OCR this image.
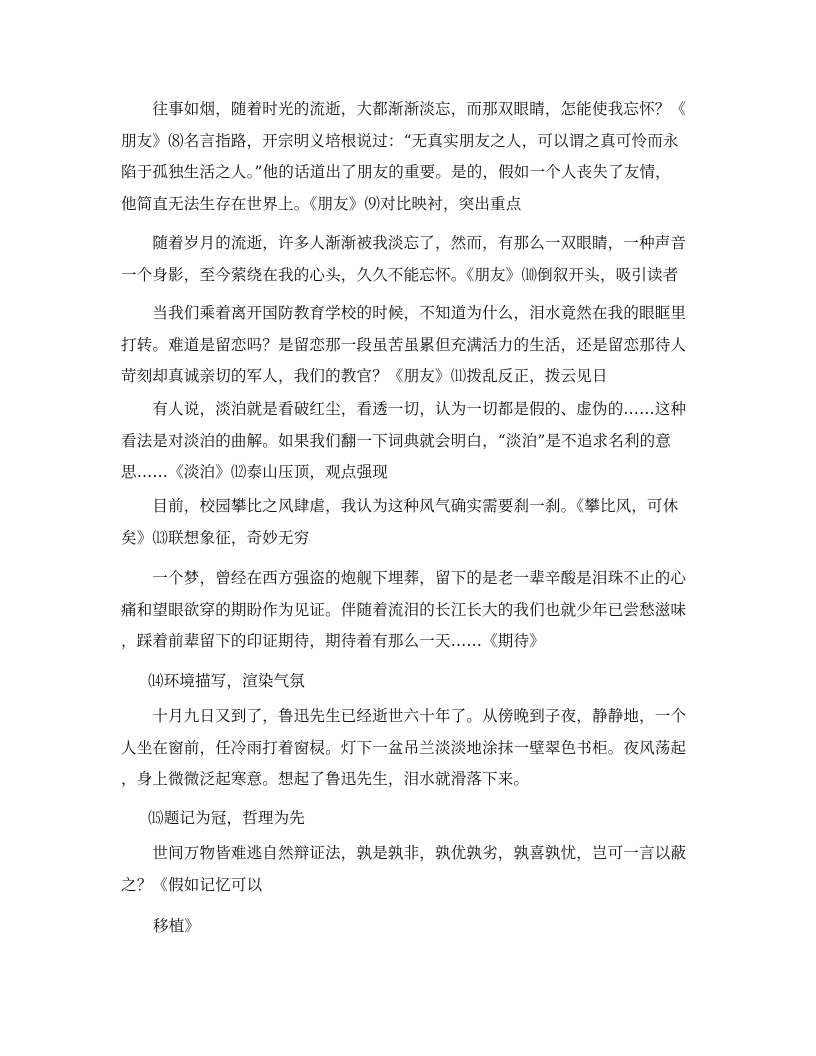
　　往事如烟，随着时光的流逝，大都渐渐淡忘，而那双眼睛，怎能使我忘怀？《
朋友》⑻名言指路，开宗明义培根说过：“无真实朋友之人，可以谓之真可怜而永
陷于孤独生活之人。”他的话道出了朋友的重要。是的，假如一个人丧失了友情，
他简直无法生存在世界上。《朋友》⑼对比映衬，突出重点
　　随着岁月的流逝，许多人渐渐被我淡忘了，然而，有那么一双眼睛，一种声音
一个身影，至今萦绕在我的心头，久久不能忘怀。《朋友》⑽倒叙开头，吸引读者
　　当我们乘着离开国防教育学校的时候，不知道为什么，泪水竟然在我的眼眶里
打转。难道是留恋吗？是留恋那一段虽苦虽累但充满活力的生活，还是留恋那待人
苛刻却真诚亲切的军人，我们的教官？《朋友》⑾拨乱反正，拨云见日
　　有人说，淡泊就是看破红尘，看透一切，认为一切都是假的、虚伪的……这种
看法是对淡泊的曲解。如果我们翻一下词典就会明白，“淡泊”是不追求名利的意
思……《淡泊》⑿泰山压顶，观点强现
　　目前，校园攀比之风肆虐，我认为这种风气确实需要刹一刹。《攀比风，可休
矣》⒀联想象征，奇妙无穷
　　一个梦，曾经在西方强盗的炮舰下埋葬，留下的是老一辈辛酸是泪珠不止的心
痛和望眼欲穿的期盼作为见证。伴随着流泪的长江长大的我们也就少年已尝愁滋味
，踩着前辈留下的印证期待，期待着有那么一天……《期待》
⒁环境描写，渲染气氛
　　十月九日又到了，鲁迅先生已经逝世六十年了。从傍晚到子夜，静静地，一个
人坐在窗前，任冷雨打着窗棂。灯下一盆吊兰淡淡地涂抹一壁翠色书柜。夜风荡起
，身上微微泛起寒意。想起了鲁迅先生，泪水就滑落下来。
⒂题记为冠，哲理为先
　　世间万物皆难逃自然辩证法，孰是孰非，孰优孰劣，孰喜孰忧，岂可一言以蔽
之？《假如记忆可以
移植》
